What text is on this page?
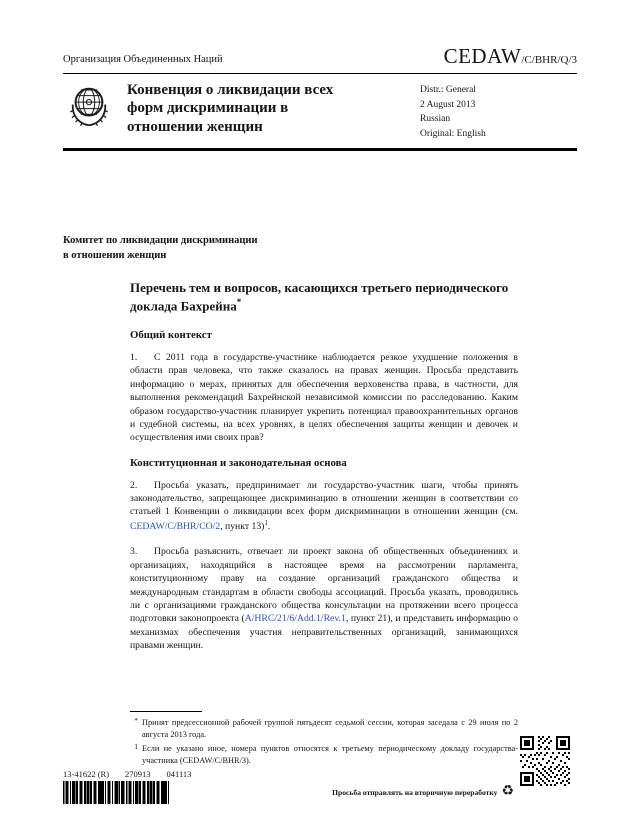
Организация Объединенных Наций	CEDAW/C/BHR/Q/3
Конвенция о ликвидации всех форм дискриминации в отношении женщин
Distr.: General
2 August 2013
Russian
Original: English
Комитет по ликвидации дискриминации
в отношении женщин
Перечень тем и вопросов, касающихся третьего периодического доклада Бахрейна*
Общий контекст

1. С 2011 года в государстве-участнике наблюдается резкое ухудшение положения в области прав человека, что также сказалось на правах женщин. Просьба представить информацию о мерах, принятых для обеспечения верховенства права, в частности, для выполнения рекомендаций Бахрейнской независимой комиссии по расследованию. Каким образом государство-участник планирует укрепить потенциал правоохранительных органов и судебной системы, на всех уровнях, в целях обеспечения защиты женщин и девочек и осуществления ими своих прав?

Конституционная и законодательная основа

2. Просьба указать, предпринимает ли государство-участник шаги, чтобы принять законодательство, запрещающее дискриминацию в отношении женщин в соответствии со статьей 1 Конвенции о ликвидации всех форм дискриминации в отношении женщин (см. CEDAW/C/BHR/CO/2, пункт 13)$^1$.

3. Просьба разъяснить, отвечает ли проект закона об общественных объединениях и организациях, находящийся в настоящее время на рассмотрении парламента, конституционному праву на создание организаций гражданского общества и международным стандартам в области свободы ассоциаций. Просьба указать, проводились ли с организациями гражданского общества консультации на протяжении всего процесса подготовки законопроекта (A/HRC/21/6/Add.1/Rev.1, пункт 21), и представить информацию о механизмах обеспечения участия неправительственных организаций, занимающихся правами женщин.

* Принят предсессионной рабочей группой пятьдесят седьмой сессии, которая заседала с 29 июля по 2 августа 2013 года.
1 Если не указано иное, номера пунктов относятся к третьему периодическому докладу государства-участника (CEDAW/C/BHR/3).
13-41622 (R) 270913 041113
Просьба отправлять на вторичную переработку ♻
